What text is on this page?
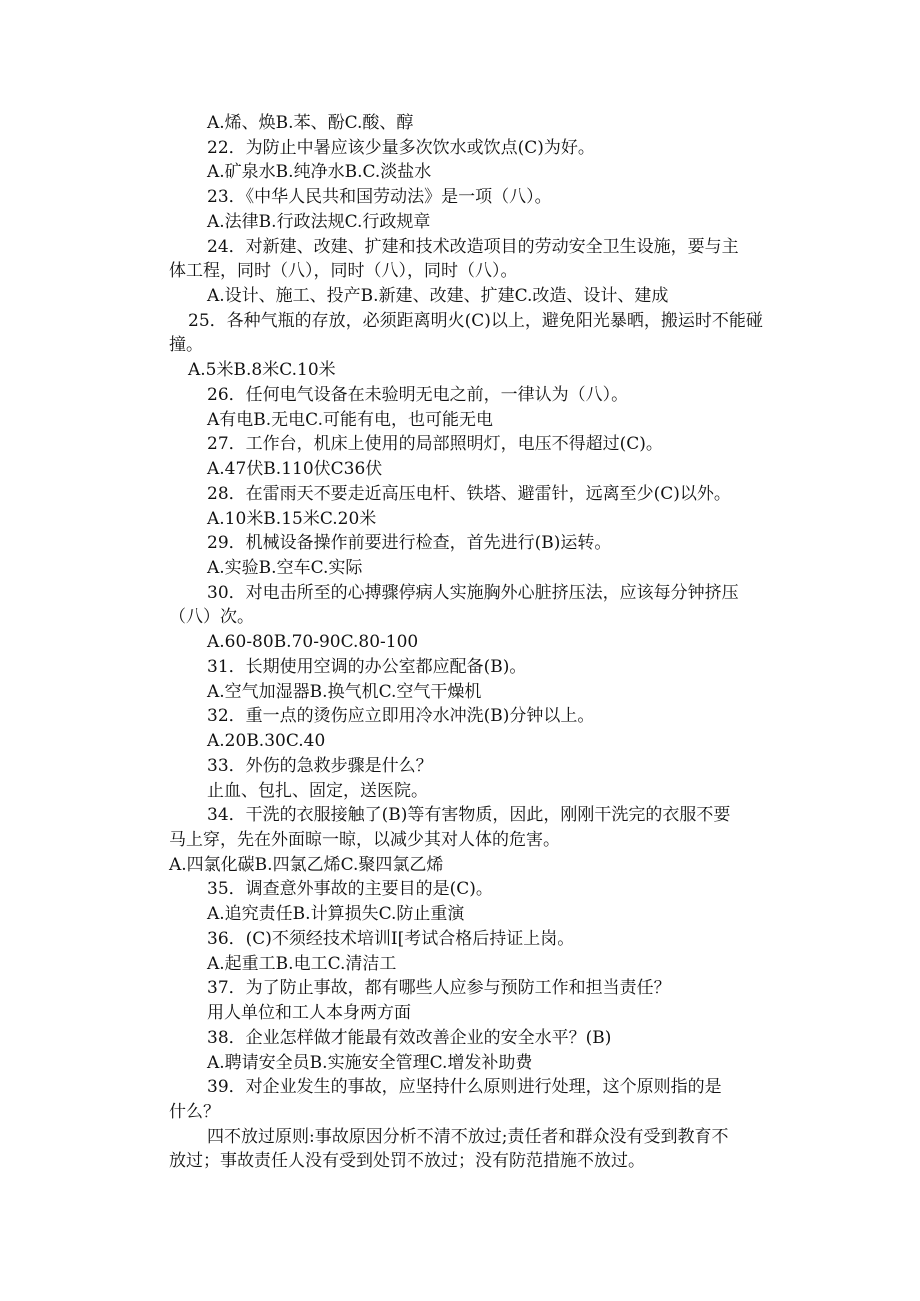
A.烯、焕B.苯、酚C.酸、醇
22．为防止中暑应该少量多次饮水或饮点(C)为好。
A.矿泉水B.纯净水B.C.淡盐水
23．《中华人民共和国劳动法》是一项（八）。
A.法律B.行政法规C.行政规章
24．对新建、改建、扩建和技术改造项目的劳动安全卫生设施，要与主
体工程，同时（八），同时（八），同时（八）。
A.设计、施工、投产B.新建、改建、扩建C.改造、设计、建成
25．各种气瓶的存放，必须距离明火(C)以上，避免阳光暴晒，搬运时不能碰
撞。
A.5米B.8米C.10米
26．任何电气设备在未验明无电之前，一律认为（八）。
A有电B.无电C.可能有电，也可能无电
27．工作台，机床上使用的局部照明灯，电压不得超过(C)。
A.47伏B.110伏C36伏
28．在雷雨天不要走近高压电杆、铁塔、避雷针，远离至少(C)以外。
A.10米B.15米C.20米
29．机械设备操作前要进行检查，首先进行(B)运转。
A.实验B.空车C.实际
30．对电击所至的心搏骤停病人实施胸外心脏挤压法，应该每分钟挤压
（八）次。
A.60-80B.70-90C.80-100
31．长期使用空调的办公室都应配备(B)。
A.空气加湿器B.换气机C.空气干燥机
32．重一点的烫伤应立即用冷水冲洗(B)分钟以上。
A.20B.30C.40
33．外伤的急救步骤是什么？
止血、包扎、固定，送医院。
34．干洗的衣服接触了(B)等有害物质，因此，刚刚干洗完的衣服不要
马上穿，先在外面晾一晾，以减少其对人体的危害。
A.四氯化碳B.四氯乙烯C.聚四氯乙烯
35．调查意外事故的主要目的是(C)。
A.追究责任B.计算损失C.防止重演
36．(C)不须经技术培训I[考试合格后持证上岗。
A.起重工B.电工C.清洁工
37．为了防止事故，都有哪些人应参与预防工作和担当责任？
用人单位和工人本身两方面
38．企业怎样做才能最有效改善企业的安全水平？(B)
A.聘请安全员B.实施安全管理C.增发补助费
39．对企业发生的事故，应坚持什么原则进行处理，这个原则指的是
什么？
四不放过原则:事故原因分析不清不放过;责任者和群众没有受到教育不
放过；事故责任人没有受到处罚不放过；没有防范措施不放过。
